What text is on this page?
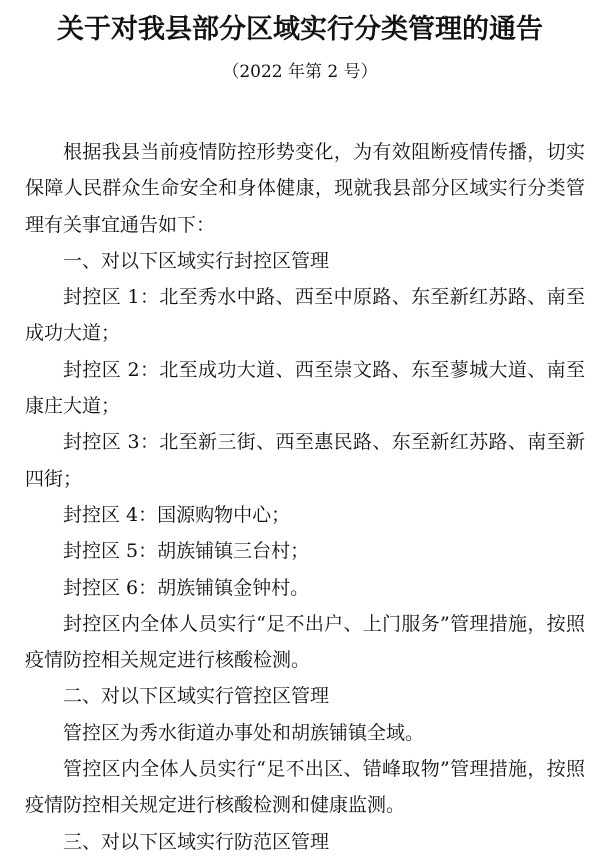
关于对我县部分区域实行分类管理的通告
（2022 年第 2 号）

根据我县当前疫情防控形势变化，为有效阻断疫情传播，切实保障人民群众生命安全和身体健康，现就我县部分区域实行分类管理有关事宜通告如下：

一、对以下区域实行封控区管理

封控区 1：北至秀水中路、西至中原路、东至新红苏路、南至成功大道；

封控区 2：北至成功大道、西至崇文路、东至蓼城大道、南至康庄大道；

封控区 3：北至新三街、西至惠民路、东至新红苏路、南至新四街；

封控区 4：国源购物中心；

封控区 5：胡族铺镇三台村；

封控区 6：胡族铺镇金钟村。

封控区内全体人员实行“足不出户、上门服务”管理措施，按照疫情防控相关规定进行核酸检测。

二、对以下区域实行管控区管理

管控区为秀水街道办事处和胡族铺镇全域。

管控区内全体人员实行“足不出区、错峰取物”管理措施，按照疫情防控相关规定进行核酸检测和健康监测。

三、对以下区域实行防范区管理
